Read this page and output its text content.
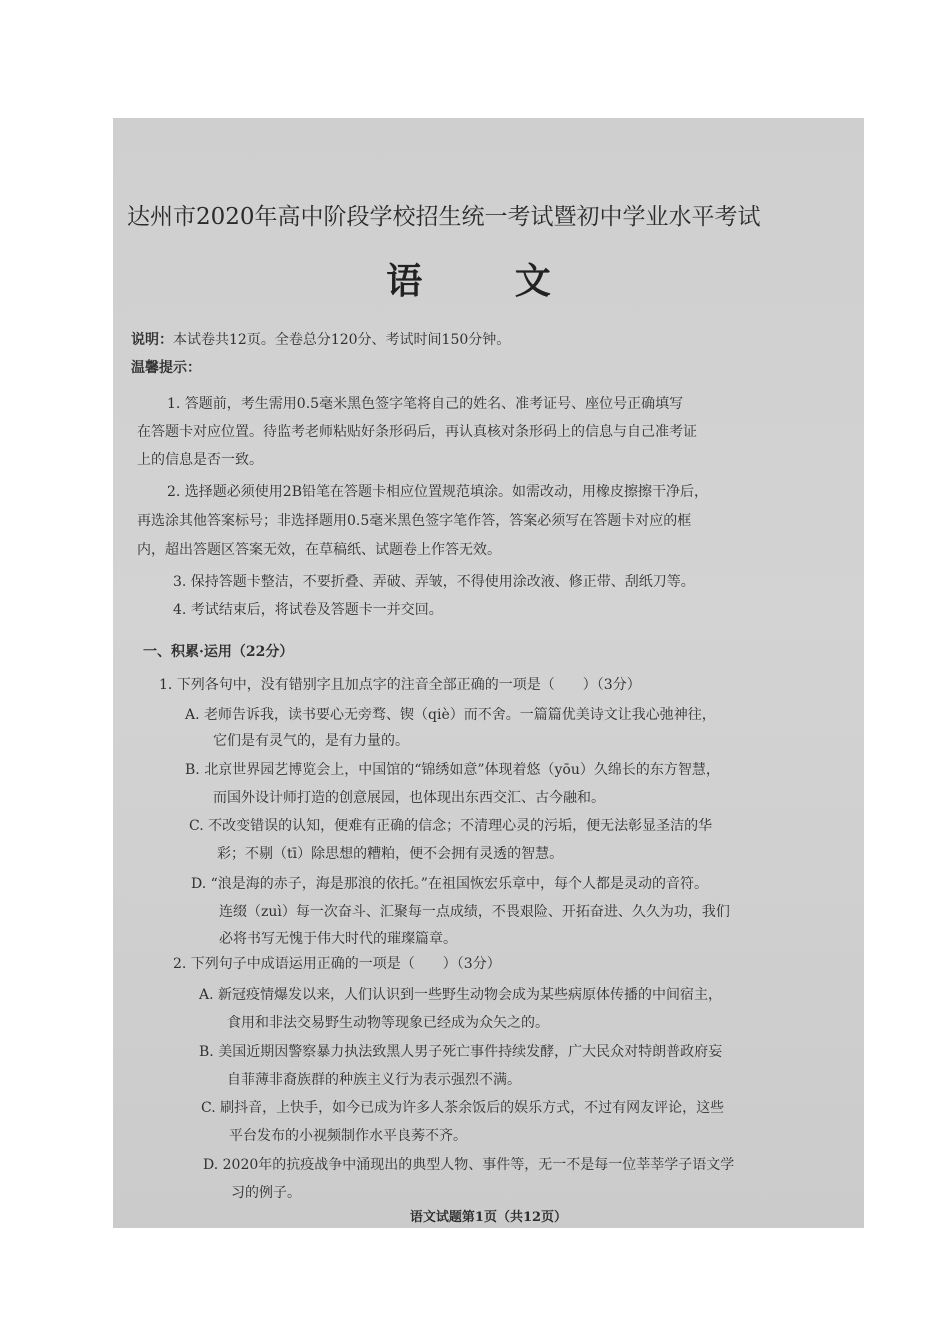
达州市2020年高中阶段学校招生统一考试暨初中学业水平考试
语 文
说明：本试卷共12页。全卷总分120分、考试时间150分钟。
温馨提示：
1. 答题前，考生需用0.5毫米黑色签字笔将自己的姓名、准考证号、座位号正确填写
在答题卡对应位置。待监考老师粘贴好条形码后，再认真核对条形码上的信息与自己准考证
上的信息是否一致。
2. 选择题必须使用2B铅笔在答题卡相应位置规范填涂。如需改动，用橡皮擦擦干净后，
再选涂其他答案标号；非选择题用0.5毫米黑色签字笔作答，答案必须写在答题卡对应的框
内，超出答题区答案无效，在草稿纸、试题卷上作答无效。
3. 保持答题卡整洁，不要折叠、弄破、弄皱，不得使用涂改液、修正带、刮纸刀等。
4. 考试结束后，将试卷及答题卡一并交回。
一、积累·运用（22分）
1. 下列各句中，没有错别字且加点字的注音全部正确的一项是（　　）（3分）
A. 老师告诉我，读书要心无旁骛、锲（qiè）而不舍。一篇篇优美诗文让我心弛神往，
它们是有灵气的，是有力量的。
B. 北京世界园艺博览会上，中国馆的“锦绣如意”体现着悠（yōu）久绵长的东方智慧，
而国外设计师打造的创意展园，也体现出东西交汇、古今融和。
C. 不改变错误的认知，便难有正确的信念；不清理心灵的污垢，便无法彰显圣洁的华
彩；不剔（tī）除思想的糟粕，便不会拥有灵透的智慧。
D. “浪是海的赤子，海是那浪的依托。”在祖国恢宏乐章中，每个人都是灵动的音符。
连缀（zuì）每一次奋斗、汇聚每一点成绩，不畏艰险、开拓奋进、久久为功，我们
必将书写无愧于伟大时代的璀璨篇章。
2. 下列句子中成语运用正确的一项是（　　）（3分）
A. 新冠疫情爆发以来，人们认识到一些野生动物会成为某些病原体传播的中间宿主，
食用和非法交易野生动物等现象已经成为众矢之的。
B. 美国近期因警察暴力执法致黑人男子死亡事件持续发酵，广大民众对特朗普政府妄
自菲薄非裔族群的种族主义行为表示强烈不满。
C. 刷抖音，上快手，如今已成为许多人茶余饭后的娱乐方式，不过有网友评论，这些
平台发布的小视频制作水平良莠不齐。
D. 2020年的抗疫战争中涌现出的典型人物、事件等，无一不是每一位莘莘学子语文学
习的例子。
语文试题第1页（共12页）
